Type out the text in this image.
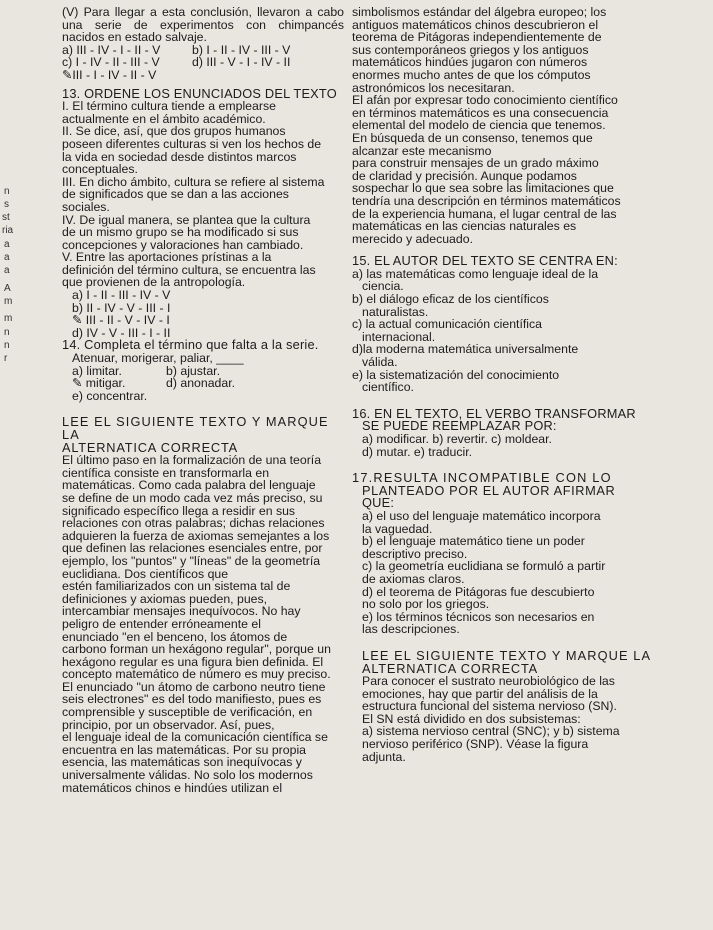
n
s
st
ria
a
a
a
A
m
m
n
n
r

(V) Para llegar a esta conclusión, llevaron a cabo una serie de experimentos con chimpancés nacidos en estado salvaje.

a) III - IV - I - II - V	b) I - II - IV - III - V

c) I - IV - II - III - V	d) III - V - I - IV - II

✎III - I - IV - II - V

13. ORDENE LOS ENUNCIADOS DEL TEXTO

I. El término cultura tiende a emplearse

actualmente en el ámbito académico.

II. Se dice, así, que dos grupos humanos

poseen diferentes culturas si ven los hechos de

la vida en sociedad desde distintos marcos

conceptuales.

III. En dicho ámbito, cultura se refiere al sistema

de significados que se dan a las acciones

sociales.

IV. De igual manera, se plantea que la cultura

de un mismo grupo se ha modificado si sus

concepciones y valoraciones han cambiado.

V. Entre las aportaciones prístinas a la

definición del término cultura, se encuentra las

que provienen de la antropología.

a) I - II - III - IV - V

b) II - IV - V - III - I

✎ III - II - V - IV - I

d) IV - V - III - I - II

14. Completa el término que falta a la serie.

Atenuar, morigerar, paliar, ____

a) limitar.	b) ajustar.

✎ mitigar.	d) anonadar.

e) concentrar.

LEE EL SIGUIENTE TEXTO Y MARQUE LA

ALTERNATICA CORRECTA

El último paso en la formalización de una teoría

científica consiste en transformarla en

matemáticas. Como cada palabra del lenguaje

se define de un modo cada vez más preciso, su

significado específico llega a residir en sus

relaciones con otras palabras; dichas relaciones

adquieren la fuerza de axiomas semejantes a los

que definen las relaciones esenciales entre, por

ejemplo, los "puntos" y "líneas" de la geometría

euclidiana. Dos científicos que

estén familiarizados con un sistema tal de

definiciones y axiomas pueden, pues,

intercambiar mensajes inequívocos. No hay

peligro de entender erróneamente el

enunciado "en el benceno, los átomos de

carbono forman un hexágono regular", porque un

hexágono regular es una figura bien definida. El

concepto matemático de número es muy preciso.

El enunciado "un átomo de carbono neutro tiene

seis electrones" es del todo manifiesto, pues es

comprensible y susceptible de verificación, en

principio, por un observador. Así, pues,

el lenguaje ideal de la comunicación científica se

encuentra en las matemáticas. Por su propia

esencia, las matemáticas son inequívocas y

universalmente válidas. No solo los modernos

matemáticos chinos e hindúes utilizan el

simbolismos estándar del álgebra europeo; los

antiguos matemáticos chinos descubrieron el

teorema de Pitágoras independientemente de

sus contemporáneos griegos y los antiguos

matemáticos hindúes jugaron con números

enormes mucho antes de que los cómputos

astronómicos los necesitaran.

El afán por expresar todo conocimiento científico

en términos matemáticos es una consecuencia

elemental del modelo de ciencia que tenemos.

En búsqueda de un consenso, tenemos que

alcanzar este mecanismo

para construir mensajes de un grado máximo

de claridad y precisión. Aunque podamos

sospechar lo que sea sobre las limitaciones que

tendría una descripción en términos matemáticos

de la experiencia humana, el lugar central de las

matemáticas en las ciencias naturales es

merecido y adecuado.

15. EL AUTOR DEL TEXTO SE CENTRA EN:

a) las matemáticas como lenguaje ideal de la

ciencia.

b) el diálogo eficaz de los científicos

naturalistas.

c) la actual comunicación científica

internacional.

d)la moderna matemática universalmente

válida.

e) la sistematización del conocimiento

científico.

16. EN EL TEXTO, EL VERBO TRANSFORMAR

SE PUEDE REEMPLAZAR POR:

a) modificar. b) revertir. c) moldear.

d) mutar. e) traducir.

17.RESULTA INCOMPATIBLE CON LO

PLANTEADO POR EL AUTOR AFIRMAR

QUE:

a) el uso del lenguaje matemático incorpora

la vaguedad.

b) el lenguaje matemático tiene un poder

descriptivo preciso.

c) la geometría euclidiana se formuló a partir

de axiomas claros.

d) el teorema de Pitágoras fue descubierto

no solo por los griegos.

e) los términos técnicos son necesarios en

las descripciones.

LEE EL SIGUIENTE TEXTO Y MARQUE LA

ALTERNATICA CORRECTA

Para conocer el sustrato neurobiológico de las

emociones, hay que partir del análisis de la

estructura funcional del sistema nervioso (SN).

El SN está dividido en dos subsistemas:

a) sistema nervioso central (SNC); y b) sistema

nervioso periférico (SNP). Véase la figura

adjunta.
